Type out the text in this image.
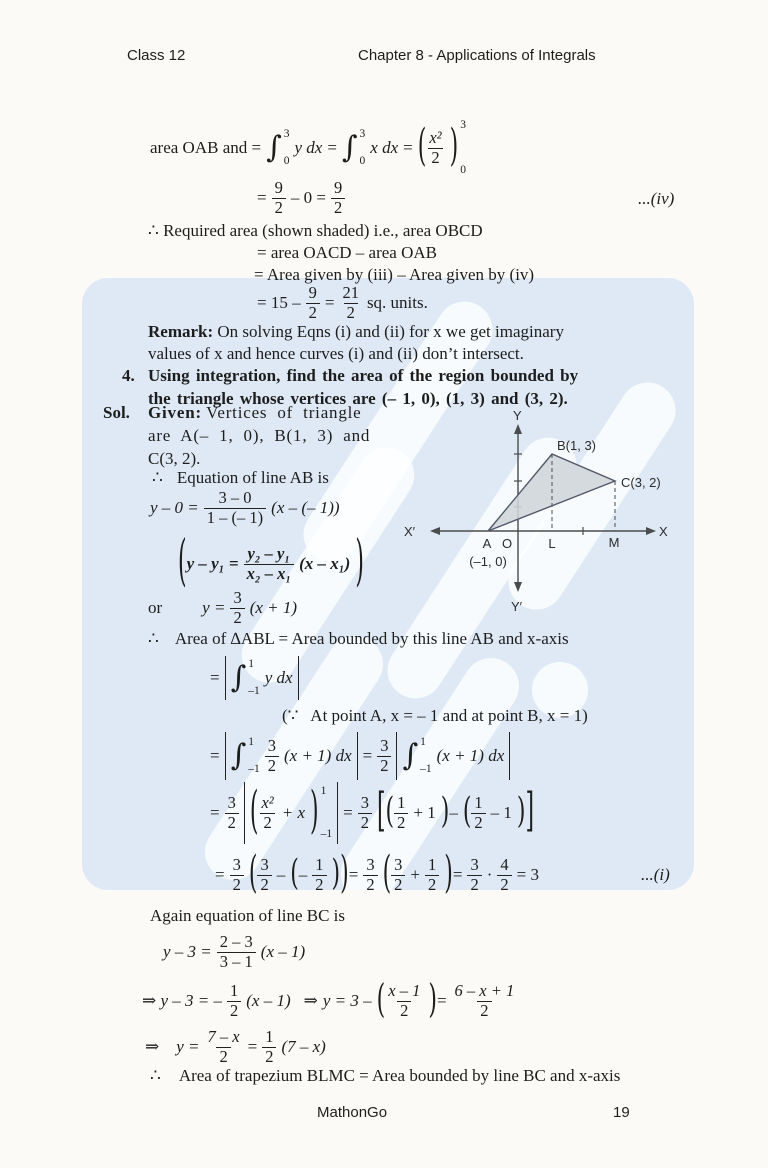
Class 12	Chapter 8 - Applications of Integrals
area OAB and = ∫ 3
0
y dx = ∫ 3
0
x dx = ( $\frac{\text{x²}}{2}$ ) 3
0
= $\frac{9}{2} - 0 = \frac{9}{2}$	...(iv)
∴ Required area (shown shaded) i.e., area OBCD
= area OACD – area OAB
= Area given by (iii) – Area given by (iv)
= $15 - \frac{9}{2} = \frac{21}{2}$ sq. units.
Remark: On solving Eqns (i) and (ii) for x we get imaginary
values of x and hence curves (i) and (ii) don’t intersect.
4. Using integration, find the area of the region bounded by
the triangle whose vertices are (– 1, 0), (1, 3) and (3, 2).
Sol. Given: Vertices of triangle
are A(– 1, 0), B(1, 3) and
C(3, 2).
∴ Equation of line AB is
$y - 0 = \frac{3 - 0}{1 - (- 1)} (x$ – (– 1))
( $y - y_1 = \frac{\text{y₂ – y₁}}{\text{x₂ – x₁}} (x - x_1)$ )
or $y = \frac{3}{2} (x + 1)$
∴ Area of ∆ABL = Area bounded by this line AB and x-axis
= ∫ 1
–1
y dx
(∵   At point A, x = – 1 and at point B, x = 1)
= ∫ 1
$-1 \frac{3}{2} (x + 1)$ dx = $\frac{3}{2}$ ∫ 1
–1
(x + 1) dx
= $\frac{3}{2}$ ( $\frac{\text{x²}}{2} + x$ ) 1
–1
= $\frac{3}{2}$ [ ( $\frac{1}{2} + 1$ ) – ( $\frac{1}{2} - 1$ ) ]
= $\frac{3}{2}$ ( $\frac{3}{2}$ – ( – $\frac{1}{2}$ ) ) = $\frac{3}{2}$ ( $\frac{3}{2} + \frac{1}{2}$ ) = $\frac{3}{2} \cdot \frac{4}{2} = 3$	...(i)
Again equation of line BC is
$y - 3 = \frac{2 - 3}{3 - 1} (x - 1)$
⇒ y – 3 = – $\frac{1}{2} (x - 1)$ ⇒ y = 3 – ( $\frac{x - 1}{2}$ ) = $\frac{6 - x + 1}{2}$
⇒ $y = \frac{7 - x}{2} = \frac{1}{2} (7 - x)$
∴ Area of trapezium BLMC = Area bounded by line BC and x-axis
MathonGo	19
Y
Y′
X′	X
B(1, 3)
C(3, 2)
A O	L	M
(–1, 0)
